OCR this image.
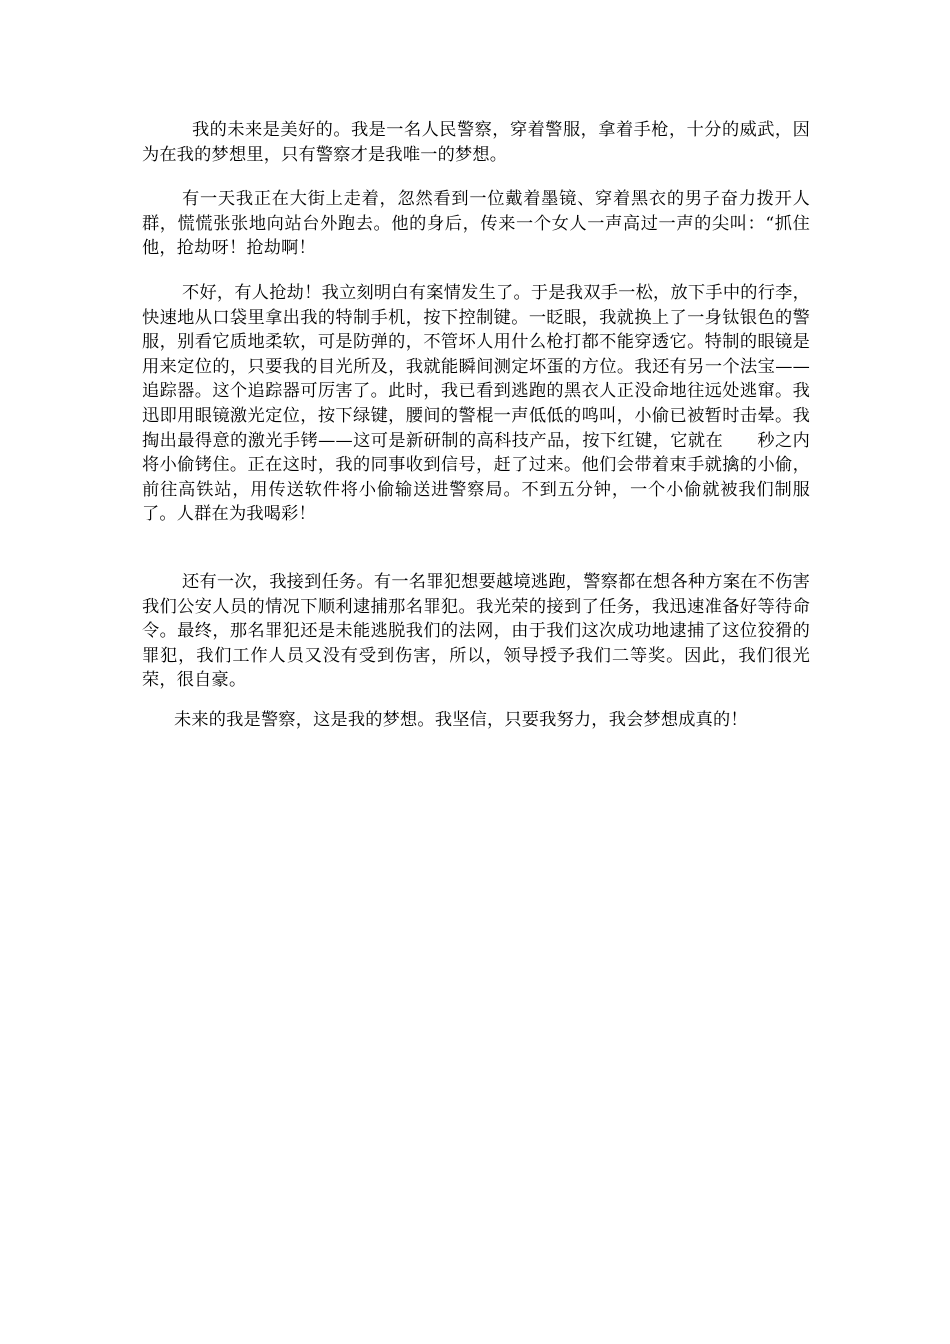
我的未来是美好的。我是一名人民警察，穿着警服，拿着手枪，十分的威武，因为在我的梦想里，只有警察才是我唯一的梦想。

有一天我正在大街上走着，忽然看到一位戴着墨镜、穿着黑衣的男子奋力拨开人群，慌慌张张地向站台外跑去。他的身后，传来一个女人一声高过一声的尖叫：“抓住他，抢劫呀！抢劫啊！

不好，有人抢劫！我立刻明白有案情发生了。于是我双手一松，放下手中的行李，快速地从口袋里拿出我的特制手机，按下控制键。一眨眼，我就换上了一身钛银色的警服，别看它质地柔软，可是防弹的，不管坏人用什么枪打都不能穿透它。特制的眼镜是用来定位的，只要我的目光所及，我就能瞬间测定坏蛋的方位。我还有另一个法宝——追踪器。这个追踪器可厉害了。此时，我已看到逃跑的黑衣人正没命地往远处逃窜。我迅即用眼镜激光定位，按下绿键，腰间的警棍一声低低的鸣叫，小偷已被暂时击晕。我掏出最得意的激光手铐——这可是新研制的高科技产品，按下红键，它就在 秒之内将小偷铐住。正在这时，我的同事收到信号，赶了过来。他们会带着束手就擒的小偷，前往高铁站，用传送软件将小偷输送进警察局。不到五分钟，一个小偷就被我们制服了。人群在为我喝彩！

还有一次，我接到任务。有一名罪犯想要越境逃跑，警察都在想各种方案在不伤害我们公安人员的情况下顺利逮捕那名罪犯。我光荣的接到了任务，我迅速准备好等待命令。最终，那名罪犯还是未能逃脱我们的法网，由于我们这次成功地逮捕了这位狡猾的罪犯，我们工作人员又没有受到伤害，所以，领导授予我们二等奖。因此，我们很光荣，很自豪。

未来的我是警察，这是我的梦想。我坚信，只要我努力，我会梦想成真的！
